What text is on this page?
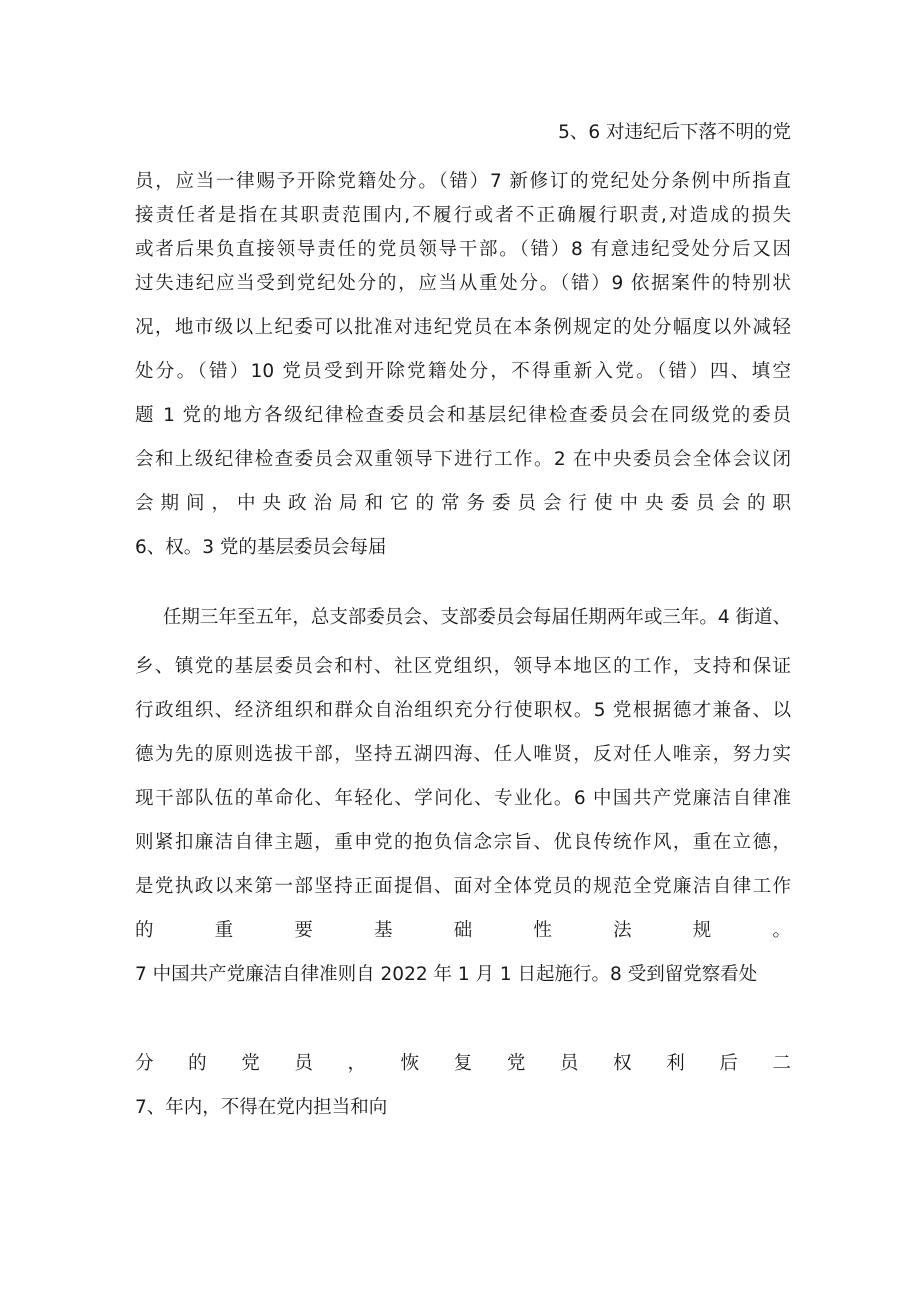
5、6 对违纪后下落不明的党
员，应当一律赐予开除党籍处分。（错）7 新修订的党纪处分条例中所指直
接责任者是指在其职责范围内,不履行或者不正确履行职责,对造成的损失
或者后果负直接领导责任的党员领导干部。（错）8 有意违纪受处分后又因
过失违纪应当受到党纪处分的，应当从重处分。（错）9 依据案件的特别状
况，地市级以上纪委可以批准对违纪党员在本条例规定的处分幅度以外减轻
处分。（错）10 党员受到开除党籍处分，不得重新入党。（错）四、填空
题 1 党的地方各级纪律检查委员会和基层纪律检查委员会在同级党的委员
会和上级纪律检查委员会双重领导下进行工作。2 在中央委员会全体会议闭
会期间，中央政治局和它的常务委员会行使中央委员会的职
6、权。3 党的基层委员会每届
任期三年至五年，总支部委员会、支部委员会每届任期两年或三年。4 街道、
乡、镇党的基层委员会和村、社区党组织，领导本地区的工作，支持和保证
行政组织、经济组织和群众自治组织充分行使职权。5 党根据德才兼备、以
德为先的原则选拔干部，坚持五湖四海、任人唯贤，反对任人唯亲，努力实
现干部队伍的革命化、年轻化、学问化、专业化。6 中国共产党廉洁自律准
则紧扣廉洁自律主题，重申党的抱负信念宗旨、优良传统作风，重在立德，
是党执政以来第一部坚持正面提倡、面对全体党员的规范全党廉洁自律工作
的重要基础性法规。
7 中国共产党廉洁自律准则自 2022 年 1 月 1 日起施行。8 受到留党察看处
分的党员，恢复党员权利后二
7、年内，不得在党内担当和向
